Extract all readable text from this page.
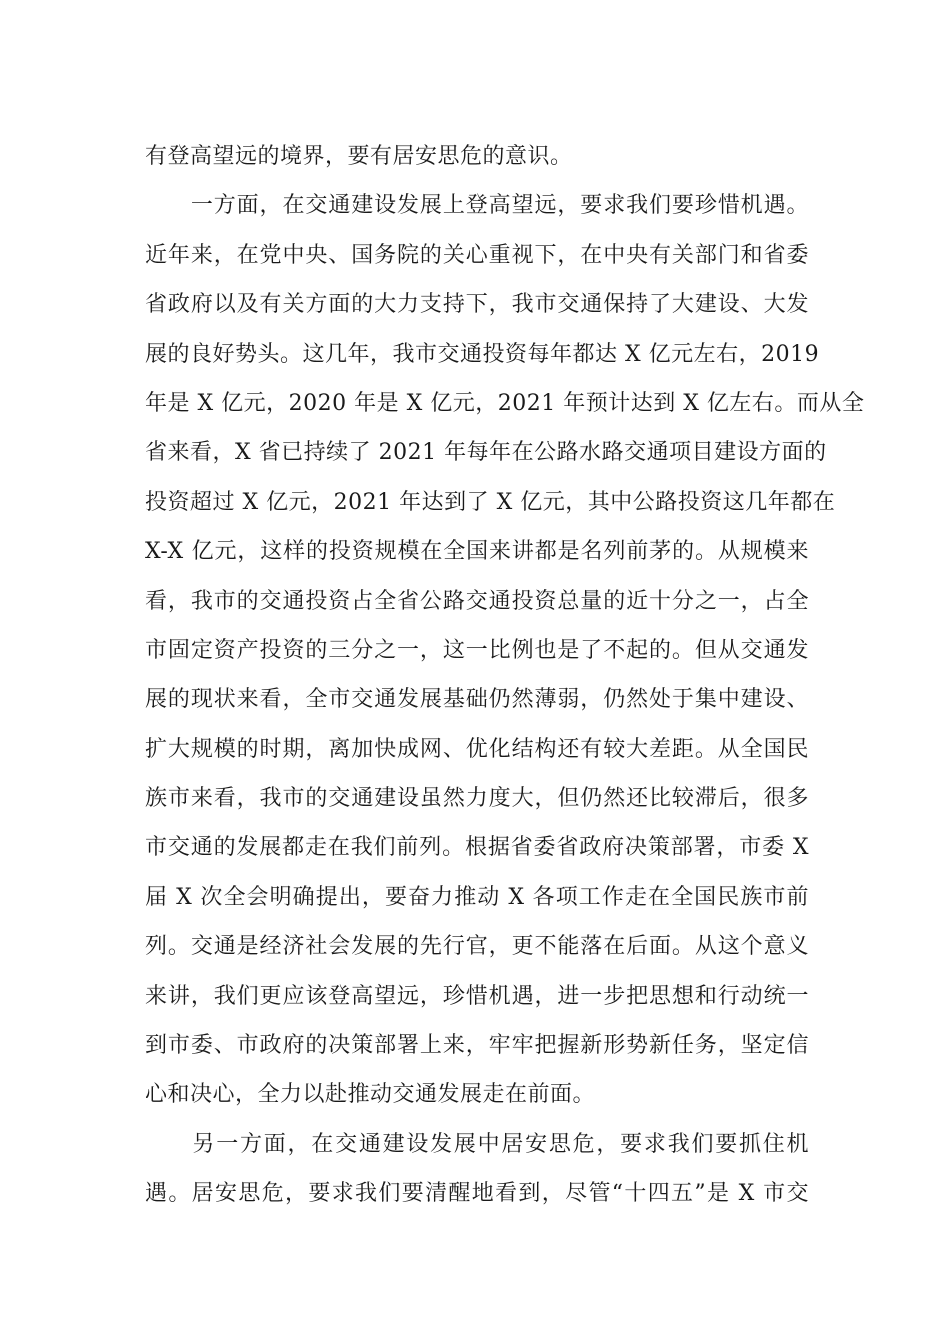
有登高望远的境界，要有居安思危的意识。
　　一方面，在交通建设发展上登高望远，要求我们要珍惜机遇。
近年来，在党中央、国务院的关心重视下，在中央有关部门和省委
省政府以及有关方面的大力支持下，我市交通保持了大建设、大发
展的良好势头。这几年，我市交通投资每年都达 X 亿元左右，2019
年是 X 亿元，2020 年是 X 亿元，2021 年预计达到 X 亿左右。而从全
省来看，X 省已持续了 2021 年每年在公路水路交通项目建设方面的
投资超过 X 亿元，2021 年达到了 X 亿元，其中公路投资这几年都在
X-X 亿元，这样的投资规模在全国来讲都是名列前茅的。从规模来
看，我市的交通投资占全省公路交通投资总量的近十分之一，占全
市固定资产投资的三分之一，这一比例也是了不起的。但从交通发
展的现状来看，全市交通发展基础仍然薄弱，仍然处于集中建设、
扩大规模的时期，离加快成网、优化结构还有较大差距。从全国民
族市来看，我市的交通建设虽然力度大，但仍然还比较滞后，很多
市交通的发展都走在我们前列。根据省委省政府决策部署，市委 X
届 X 次全会明确提出，要奋力推动 X 各项工作走在全国民族市前
列。交通是经济社会发展的先行官，更不能落在后面。从这个意义
来讲，我们更应该登高望远，珍惜机遇，进一步把思想和行动统一
到市委、市政府的决策部署上来，牢牢把握新形势新任务，坚定信
心和决心，全力以赴推动交通发展走在前面。
　　另一方面，在交通建设发展中居安思危，要求我们要抓住机
遇。居安思危，要求我们要清醒地看到，尽管“十四五”是 X 市交
